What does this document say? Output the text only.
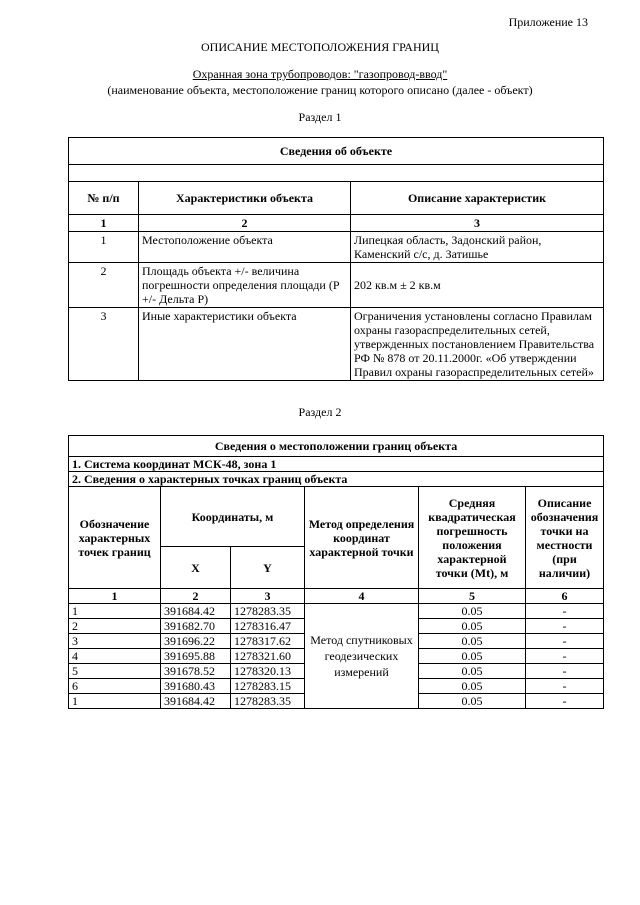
Приложение 13
ОПИСАНИЕ МЕСТОПОЛОЖЕНИЯ ГРАНИЦ
Охранная зона трубопроводов: "газопровод-ввод"
(наименование объекта, местоположение границ которого описано (далее - объект)
Раздел 1
Сведения об объекте		

№ п/п	Характеристики объекта	Описание характеристик
1	2	3
1	Местоположение объекта	Липецкая область, Задонский район, Каменский с/с, д. Затишье
2	Площадь объекта +/- величина погрешности определения площади (Р +/- Дельта Р)	202 кв.м ± 2 кв.м
3	Иные характеристики объекта	Ограничения установлены согласно Правилам охраны газораспределительных сетей, утвержденных постановлением Правительства РФ № 878 от 20.11.2000г. «Об утверждении Правил охраны газораспределительных сетей»
Раздел 2
Сведения о местоположении границ объекта					
1. Система координат МСК-48, зона 1					
2. Сведения о характерных точках границ объекта					
Обозначение характерных точек границ	Координаты, м		Метод определения координат характерной точки	Средняя квадратическая погрешность положения характерной точки (Mt), м	Описание обозначения точки на местности (при наличии)
	X	Y			
1	2	3	4	5	6
1	391684.42	1278283.35	Метод спутниковых геодезических измерений	0.05	-
2	391682.70	1278316.47		0.05	-
3	391696.22	1278317.62		0.05	-
4	391695.88	1278321.60		0.05	-
5	391678.52	1278320.13		0.05	-
6	391680.43	1278283.15		0.05	-
1	391684.42	1278283.35		0.05	-
